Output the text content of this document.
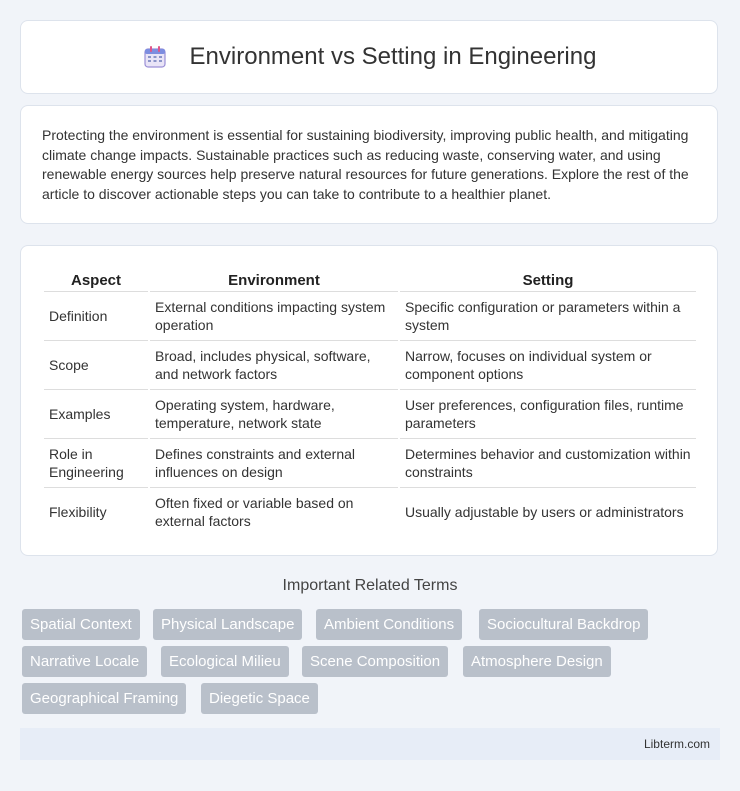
Environment vs Setting in Engineering

Protecting the environment is essential for sustaining biodiversity, improving public health, and mitigating climate change impacts. Sustainable practices such as reducing waste, conserving water, and using renewable energy sources help preserve natural resources for future generations. Explore the rest of the article to discover actionable steps you can take to contribute to a healthier planet.

Aspect	Environment	Setting
Definition	External conditions impacting system operation	Specific configuration or parameters within a system
Scope	Broad, includes physical, software, and network factors	Narrow, focuses on individual system or component options
Examples	Operating system, hardware, temperature, network state	User preferences, configuration files, runtime parameters
Role in Engineering	Defines constraints and external influences on design	Determines behavior and customization within constraints
Flexibility	Often fixed or variable based on external factors	Usually adjustable by users or administrators
Important Related Terms
Spatial Context	Physical Landscape	Ambient Conditions	Sociocultural Backdrop
Narrative Locale	Ecological Milieu	Scene Composition	Atmosphere Design
Geographical Framing	Diegetic Space
Libterm.com
